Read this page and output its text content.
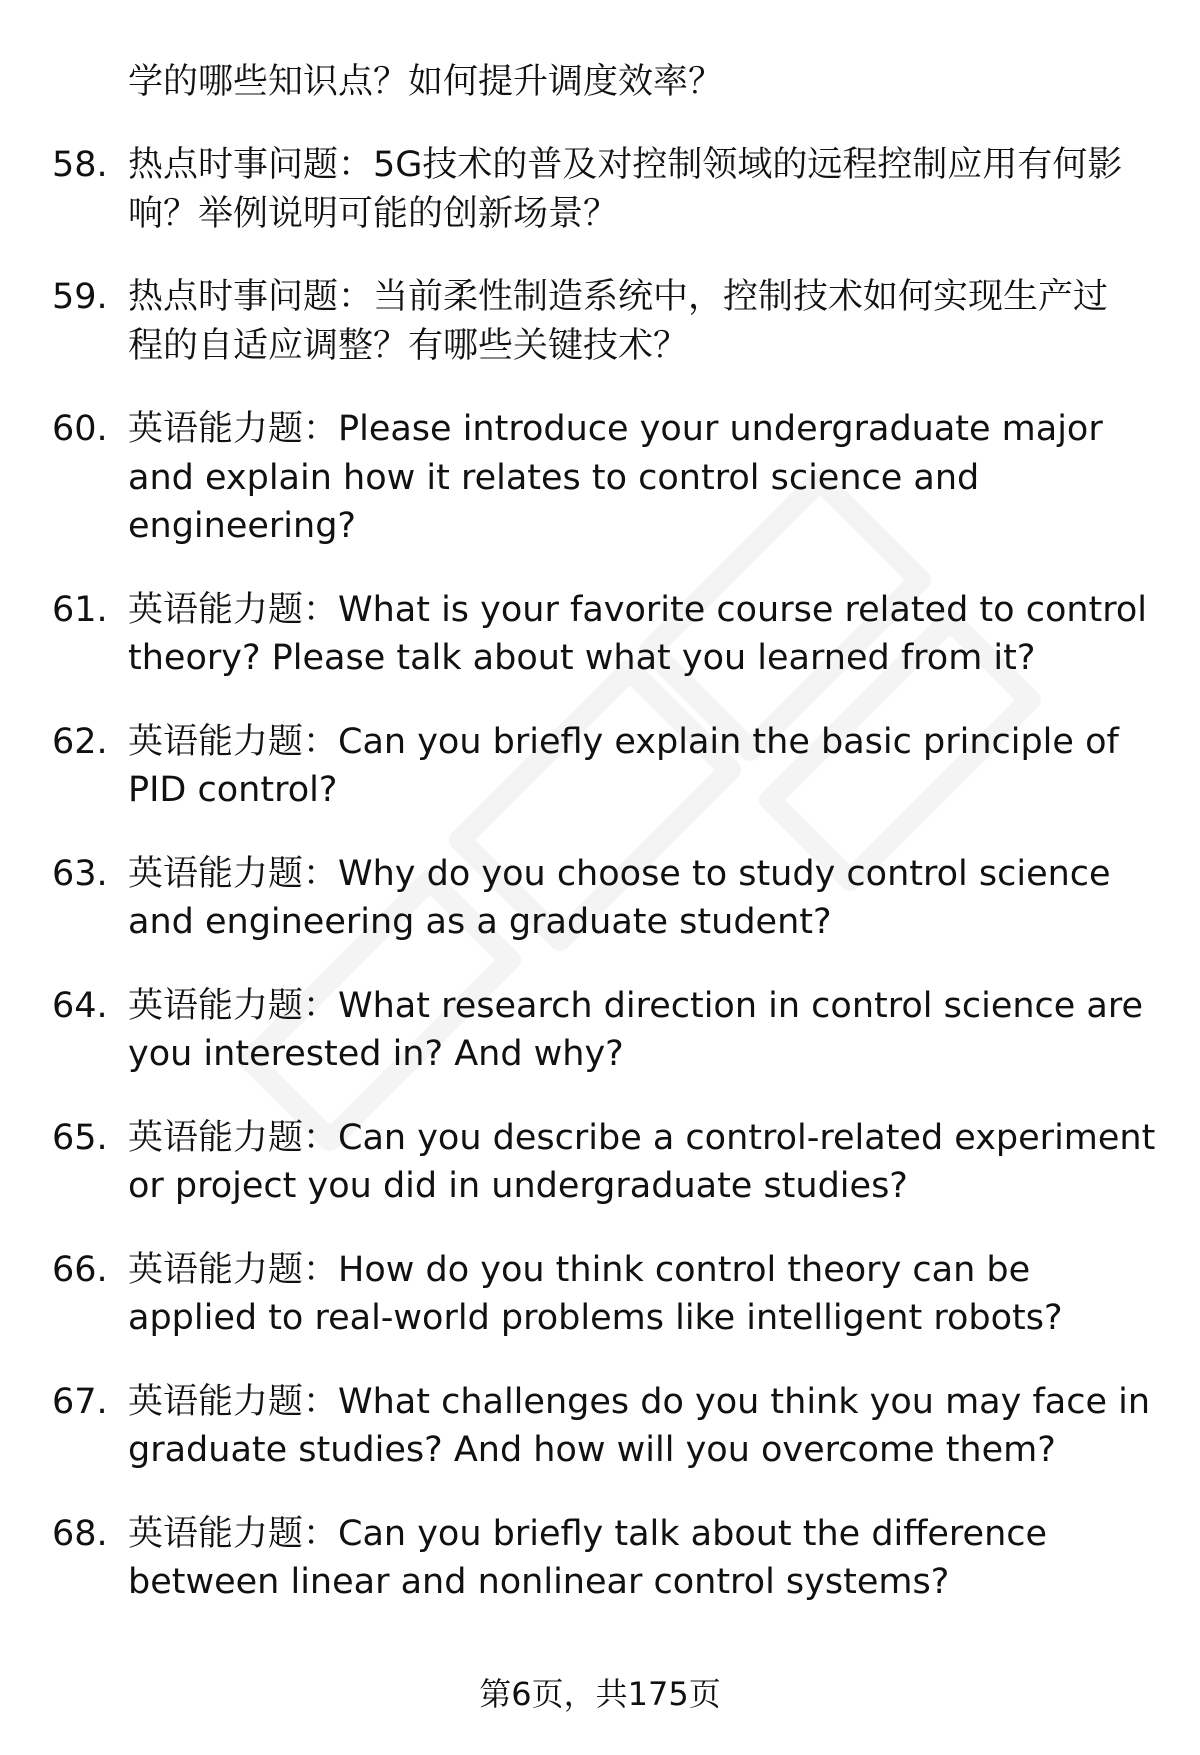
学的哪些知识点？如何提升调度效率？
58. 热点时事问题：5G技术的普及对控制领域的远程控制应用有何影
响？举例说明可能的创新场景？
59. 热点时事问题：当前柔性制造系统中，控制技术如何实现生产过
程的自适应调整？有哪些关键技术？
60. 英语能力题：Please introduce your undergraduate major
and explain how it relates to control science and
engineering?
61. 英语能力题：What is your favorite course related to control
theory? Please talk about what you learned from it?
62. 英语能力题：Can you briefly explain the basic principle of
PID control?
63. 英语能力题：Why do you choose to study control science
and engineering as a graduate student?
64. 英语能力题：What research direction in control science are
you interested in? And why?
65. 英语能力题：Can you describe a control-related experiment
or project you did in undergraduate studies?
66. 英语能力题：How do you think control theory can be
applied to real-world problems like intelligent robots?
67. 英语能力题：What challenges do you think you may face in
graduate studies? And how will you overcome them?
68. 英语能力题：Can you briefly talk about the difference
between linear and nonlinear control systems?
第6页，共175页
